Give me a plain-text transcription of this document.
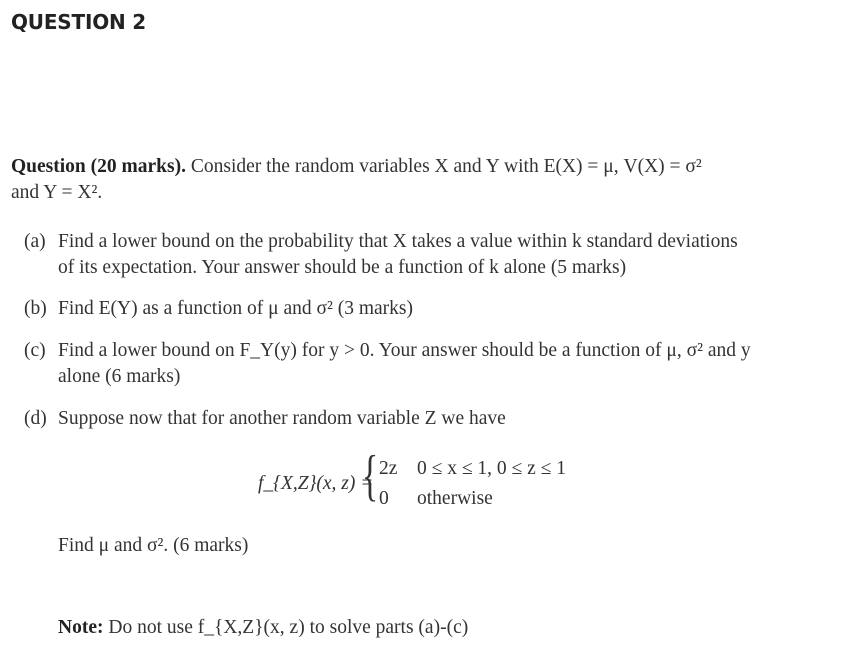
QUESTION 2
Question (20 marks). Consider the random variables X and Y with E(X) = μ, V(X) = σ²
and Y = X².
(a) Find a lower bound on the probability that X takes a value within k standard deviations
of its expectation. Your answer should be a function of k alone (5 marks)
(b) Find E(Y) as a function of μ and σ² (3 marks)
(c) Find a lower bound on F_Y(y) for y > 0. Your answer should be a function of μ, σ² and y
alone (6 marks)
(d) Suppose now that for another random variable Z we have
f_{X,Z}(x, z) =
{ 2z 0 ≤ x ≤ 1, 0 ≤ z ≤ 1
0 otherwise
Find μ and σ². (6 marks)
Note: Do not use f_{X,Z}(x, z) to solve parts (a)-(c)
